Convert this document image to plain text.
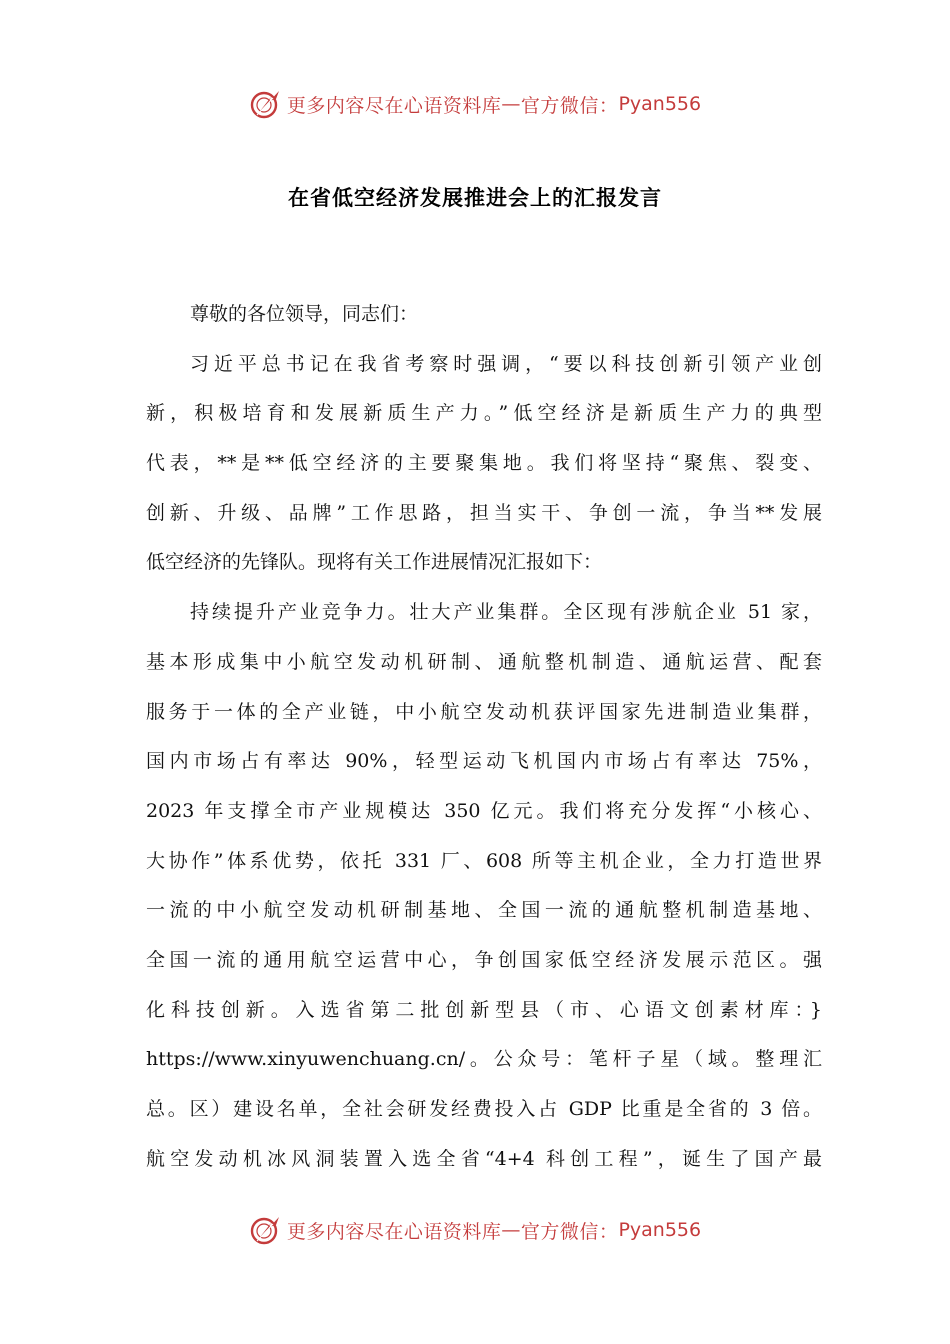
更多内容尽在心语资料库 — 官方微信： Pyan556
在省低空经济发展推进会上的汇报发言
尊敬的各位领导，同志们：
习近平总书记在我省考察时强调，“要以科技创新引领产业创
新，积极培育和发展新质生产力。”低空经济是新质生产力的典型
代表，**是**低空经济的主要聚集地。我们将坚持“聚焦、裂变、
创新、升级、品牌”工作思路，担当实干、争创一流，争当**发展
低空经济的先锋队。现将有关工作进展情况汇报如下：
持续提升产业竞争力。壮大产业集群。全区现有涉航企业 51 家，
基本形成集中小航空发动机研制、通航整机制造、通航运营、配套
服务于一体的全产业链，中小航空发动机获评国家先进制造业集群，
国内市场占有率达 90%，轻型运动飞机国内市场占有率达 75%，
2023 年支撑全市产业规模达 350 亿元。我们将充分发挥“小核心、
大协作”体系优势，依托 331 厂、608 所等主机企业，全力打造世界
一流的中小航空发动机研制基地、全国一流的通航整机制造基地、
全国一流的通用航空运营中心，争创国家低空经济发展示范区。强
化科技创新。入选省第二批创新型县（市、心语文创素材库：}
https://www.xinyuwenchuang.cn/。公众号：笔杆子星（域。整理汇
总。区）建设名单，全社会研发经费投入占 GDP 比重是全省的 3 倍。
航空发动机冰风洞装置入选全省“4+4 科创工程”，诞生了国产最
更多内容尽在心语资料库 — 官方微信： Pyan556
